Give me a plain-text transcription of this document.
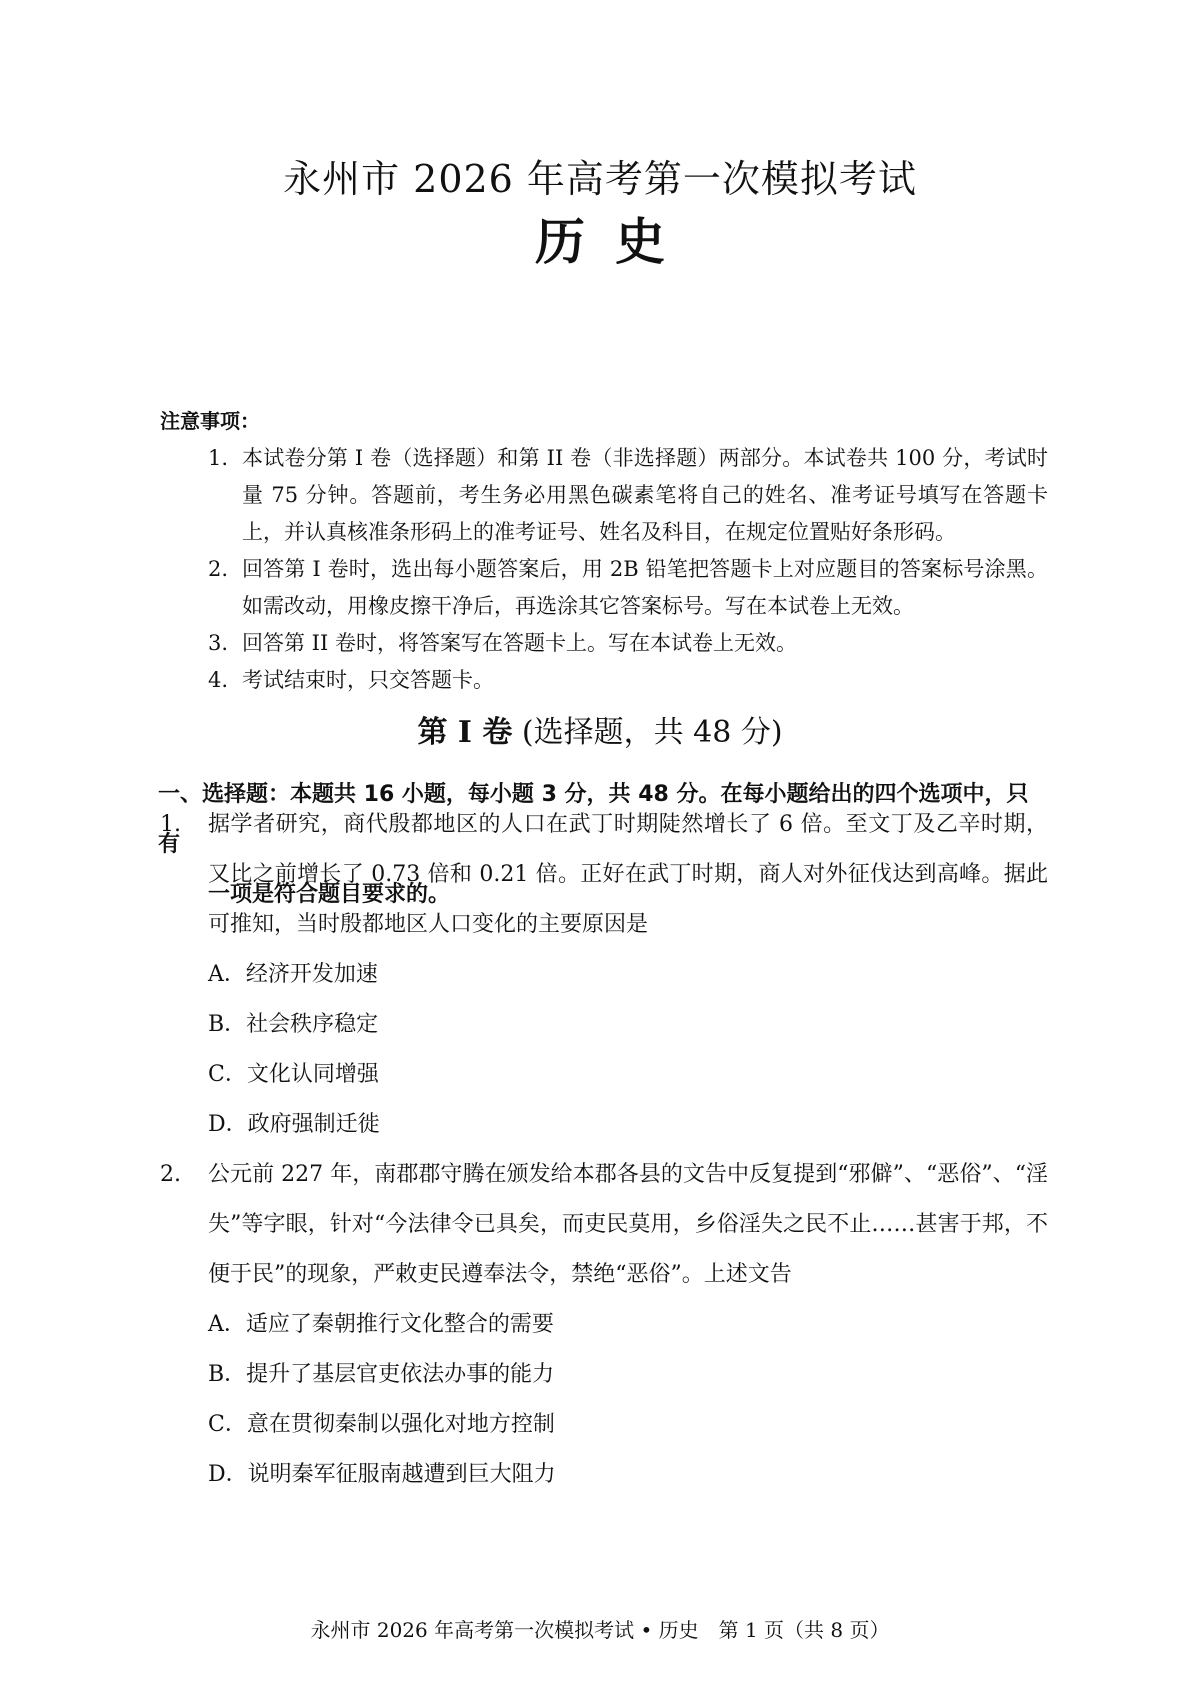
永州市 2026 年高考第一次模拟考试
历史
注意事项：
1. 本试卷分第 I 卷（选择题）和第 II 卷（非选择题）两部分。本试卷共 100 分，考试时量 75 分钟。答题前，考生务必用黑色碳素笔将自己的姓名、准考证号填写在答题卡上，并认真核准条形码上的准考证号、姓名及科目，在规定位置贴好条形码。
2. 回答第 I 卷时，选出每小题答案后，用 2B 铅笔把答题卡上对应题目的答案标号涂黑。如需改动，用橡皮擦干净后，再选涂其它答案标号。写在本试卷上无效。
3. 回答第 II 卷时，将答案写在答题卡上。写在本试卷上无效。
4. 考试结束时，只交答题卡。
第 I 卷 (选择题，共 48 分)
一、选择题：本题共 16 小题，每小题 3 分，共 48 分。在每小题给出的四个选项中，只有
一项是符合题目要求的。
1.	据学者研究，商代殷都地区的人口在武丁时期陡然增长了 6 倍。至文丁及乙辛时期，又比之前增长了 0.73 倍和 0.21 倍。正好在武丁时期，商人对外征伐达到高峰。据此可推知，当时殷都地区人口变化的主要原因是
A．经济开发加速
B．社会秩序稳定
C．文化认同增强
D．政府强制迁徙
2.	公元前 227 年，南郡郡守腾在颁发给本郡各县的文告中反复提到“邪僻”、“恶俗”、“淫失”等字眼，针对“今法律令已具矣，而吏民莫用，乡俗淫失之民不止……甚害于邦，不便于民”的现象，严敕吏民遵奉法令，禁绝“恶俗”。上述文告
A．适应了秦朝推行文化整合的需要
B．提升了基层官吏依法办事的能力
C．意在贯彻秦制以强化对地方控制
D．说明秦军征服南越遭到巨大阻力
永州市 2026 年高考第一次模拟考试 • 历史　第 1 页（共 8 页）
